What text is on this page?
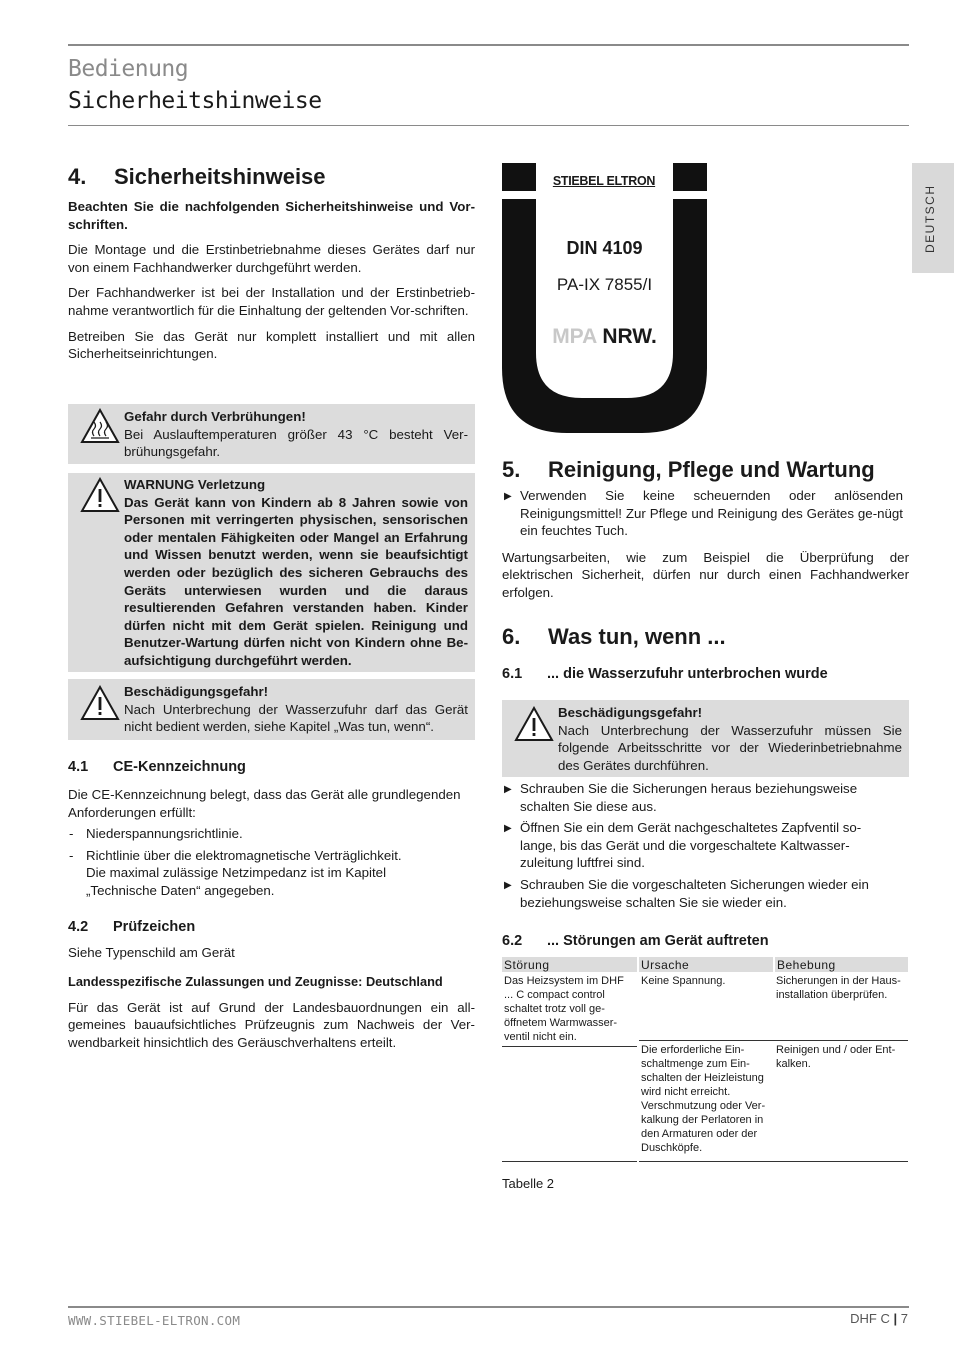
Bedienung
Sicherheitshinweise
DEUTSCH
4. Sicherheitshinweise

Beachten Sie die nachfolgenden Sicherheitshinweise und Vor-schriften.

Die Montage und die Erstinbetriebnahme dieses Gerätes darf nur von einem Fachhandwerker durchgeführt werden.

Der Fachhandwerker ist bei der Installation und der Erstinbetrieb-nahme verantwortlich für die Einhaltung der geltenden Vor-schriften.

Betreiben Sie das Gerät nur komplett installiert und mit allen Sicherheitseinrichtungen.

Gefahr durch Verbrühungen!
Bei Auslauftemperaturen größer 43 °C besteht Ver-brühungsgefahr.
WARNUNG Verletzung
Das Gerät kann von Kindern ab 8 Jahren sowie von Personen mit verringerten physischen, sensorischen oder mentalen Fähigkeiten oder Mangel an Erfahrung und Wissen benutzt werden, wenn sie beaufsichtigt werden oder bezüglich des sicheren Gebrauchs des Geräts unterwiesen wurden und die daraus resultierenden Gefahren verstanden haben. Kinder dürfen nicht mit dem Gerät spielen. Reinigung und Benutzer-Wartung dürfen nicht von Kindern ohne Be-aufsichtigung durchgeführt werden.
Beschädigungsgefahr!
Nach Unterbrechung der Wasserzufuhr darf das Gerät nicht bedient werden, siehe Kapitel „Was tun, wenn“.
4.1 CE-Kennzeichnung

Die CE-Kennzeichnung belegt, dass das Gerät alle grundlegenden Anforderungen erfüllt:

- Niederspannungsrichtlinie.
- Richtlinie über die elektromagnetische Verträglichkeit.
Die maximal zulässige Netzimpedanz ist im Kapitel
„Technische Daten“ angegeben.
4.2 Prüfzeichen

Siehe Typenschild am Gerät

Landesspezifische Zulassungen und Zeugnisse: Deutschland

Für das Gerät ist auf Grund der Landesbauordnungen ein all-gemeines bauaufsichtliches Prüfzeugnis zum Nachweis der Ver-wendbarkeit hinsichtlich des Geräuschverhaltens erteilt.

STIEBEL ELTRON
DIN 4109
PA-IX 7855/I
MPA NRW.
5. Reinigung, Pflege und Wartung
▶ Verwenden Sie keine scheuernden oder anlösenden Reinigungsmittel! Zur Pflege und Reinigung des Gerätes ge-nügt ein feuchtes Tuch.

Wartungsarbeiten, wie zum Beispiel die Überprüfung der elektrischen Sicherheit, dürfen nur durch einen Fachhandwerker erfolgen.

6. Was tun, wenn ...
6.1 ... die Wasserzufuhr unterbrochen wurde
Beschädigungsgefahr!
Nach Unterbrechung der Wasserzufuhr müssen Sie folgende Arbeitsschritte vor der Wiederinbetriebnahme des Gerätes durchführen.
▶ Schrauben Sie die Sicherungen heraus beziehungsweise schalten Sie diese aus.
▶ Öffnen Sie ein dem Gerät nachgeschaltetes Zapfventil so-lange, bis das Gerät und die vorgeschaltete Kaltwasser-zuleitung luftfrei sind.
▶ Schrauben Sie die vorgeschalteten Sicherungen wieder ein beziehungsweise schalten Sie sie wieder ein.
6.2 ... Störungen am Gerät auftreten
Störung	Ursache	Behebung

Das Heizsystem im DHF ... C compact control schaltet trotz voll ge-öffnetem Warmwasser-ventil nicht ein.	Keine Spannung.	Sicherungen in der Haus-installation überprüfen.
	Die erforderliche Ein-schaltmenge zum Ein-schalten der Heizleistung wird nicht erreicht. Verschmutzung oder Ver-kalkung der Perlatoren in den Armaturen oder der Duschköpfe.	Reinigen und / oder Ent-kalken.
Tabelle 2
WWW.STIEBEL-ELTRON.COM	DHF C | 7
